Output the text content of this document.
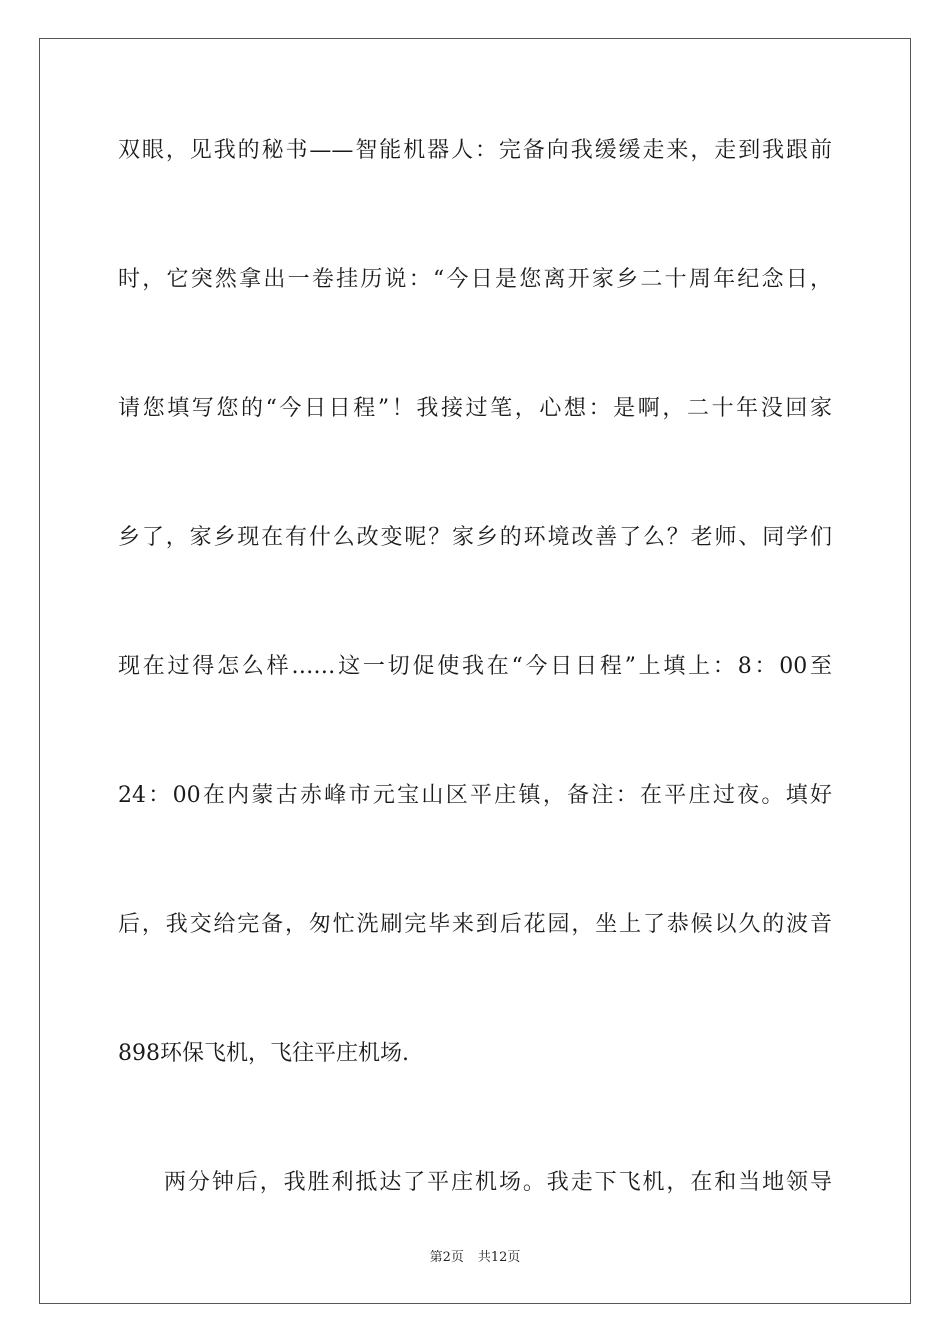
双眼，见我的秘书——智能机器人：完备向我缓缓走来，走到我跟前
时，它突然拿出一卷挂历说：“今日是您离开家乡二十周年纪念日，
请您填写您的“今日日程”！我接过笔，心想：是啊，二十年没回家
乡了，家乡现在有什么改变呢？家乡的环境改善了么？老师、同学们
现在过得怎么样……这一切促使我在“今日日程”上填上：8：00至
24：00在内蒙古赤峰市元宝山区平庄镇，备注：在平庄过夜。填好
后，我交给完备，匆忙洗刷完毕来到后花园，坐上了恭候以久的波音
898环保飞机，飞往平庄机场.
两分钟后，我胜利抵达了平庄机场。我走下飞机，在和当地领导
第2页 共12页
